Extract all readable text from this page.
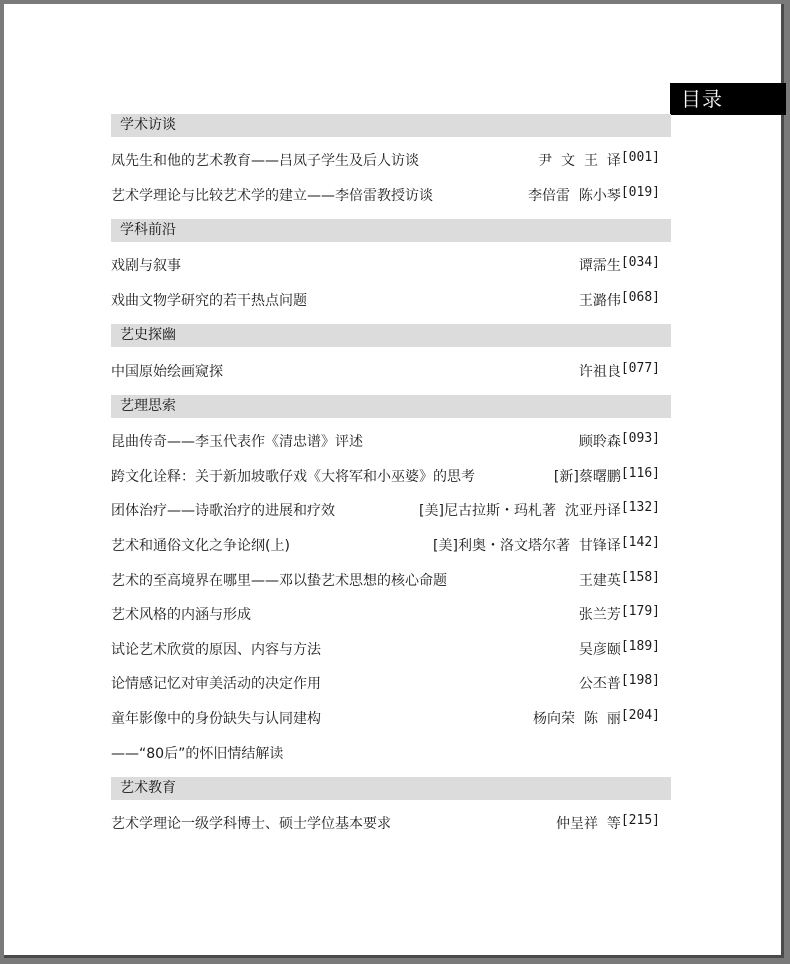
目录
学术访谈
凤先生和他的艺术教育——吕凤子学生及后人访谈	尹  文  王  译 [001]
艺术学理论与比较艺术学的建立——李倍雷教授访谈	李倍雷  陈小琴 [019]
学科前沿
戏剧与叙事	谭霈生 [034]
戏曲文物学研究的若干热点问题	王潞伟 [068]
艺史探幽
中国原始绘画窥探	许祖良 [077]
艺理思索
昆曲传奇——李玉代表作《清忠谱》评述	顾聆森 [093]
跨文化诠释：关于新加坡歌仔戏《大将军和小巫婆》的思考	[新]蔡曙鹏 [116]
团体治疗——诗歌治疗的进展和疗效	[美]尼古拉斯・玛札著  沈亚丹译 [132]
艺术和通俗文化之争论纲(上)	[美]利奥・洛文塔尔著  甘锋译 [142]
艺术的至高境界在哪里——邓以蛰艺术思想的核心命题	王建英 [158]
艺术风格的内涵与形成	张兰芳 [179]
试论艺术欣赏的原因、内容与方法	吴彦颐 [189]
论情感记忆对审美活动的决定作用	公丕普 [198]
童年影像中的身份缺失与认同建构	杨向荣  陈  丽 [204]
——“80后”的怀旧情结解读
艺术教育
艺术学理论一级学科博士、硕士学位基本要求	仲呈祥  等 [215]
